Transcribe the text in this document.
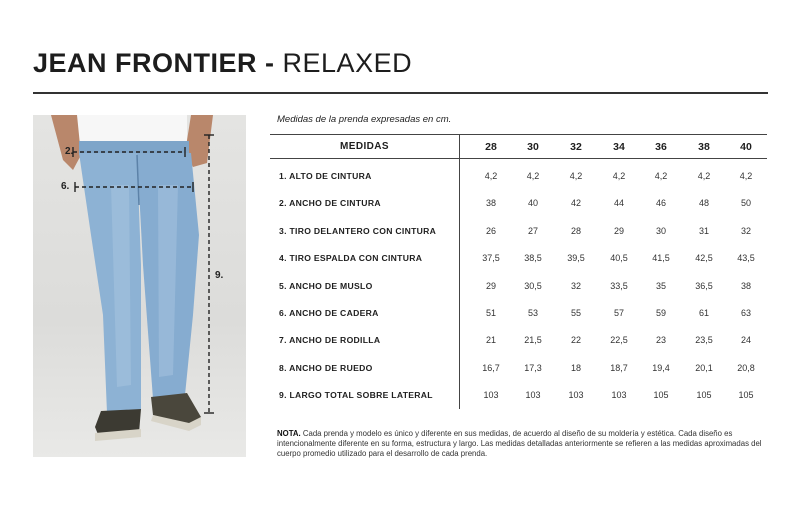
JEAN FRONTIER - RELAXED
2.
6.
9.
Medidas de la prenda expresadas en cm.
MEDIDAS	28	30	32	34	36	38	40
1. ALTO DE CINTURA	4,2	4,2	4,2	4,2	4,2	4,2	4,2
2. ANCHO DE CINTURA	38	40	42	44	46	48	50
3. TIRO DELANTERO CON CINTURA	26	27	28	29	30	31	32
4. TIRO ESPALDA CON CINTURA	37,5	38,5	39,5	40,5	41,5	42,5	43,5
5. ANCHO DE MUSLO	29	30,5	32	33,5	35	36,5	38
6. ANCHO DE CADERA	51	53	55	57	59	61	63
7. ANCHO DE RODILLA	21	21,5	22	22,5	23	23,5	24
8. ANCHO DE RUEDO	16,7	17,3	18	18,7	19,4	20,1	20,8
9. LARGO TOTAL SOBRE LATERAL	103	103	103	103	105	105	105
NOTA. Cada prenda y modelo es único y diferente en sus medidas, de acuerdo al diseño de su moldería y estética. Cada diseño es intencionalmente diferente en su forma, estructura y largo. Las medidas detalladas anteriormente se refieren a las medidas aproximadas del cuerpo promedio utilizado para el desarrollo de cada prenda.
